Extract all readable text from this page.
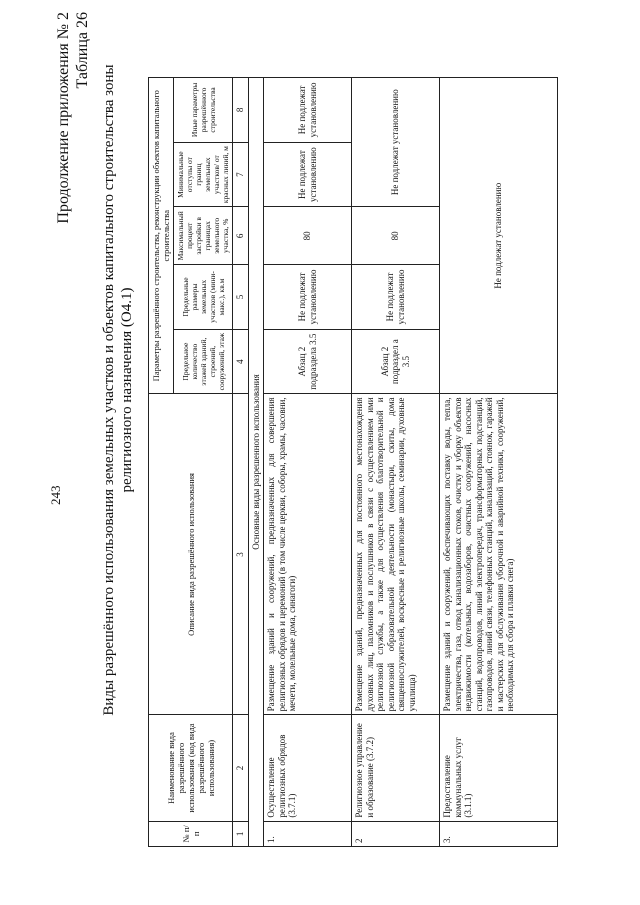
243
Продолжение приложения № 2 Таблица 26
Виды разрешённого использования земельных участков и объектов капитального строительства зоны религиозного назначения (О4.1)
№ п/п	Наименование вида разрешённого использования (код вида разрешённого использования)	Описание вида разрешённого использования	Параметры разрешённого строительства, реконструкции объектов капитального строительства				
			Предельное количество этажей зданий, строений, сооружений, этаж	Предельные размеры земельных участков (мини-макс.), кв.м	Максимальный процент застройки в границах земельного участка, %	Минимальные отступы от границ земельных участков/ от красных линий, м	Иные параметры разрешённого строительства
1	2	3	4	5	6	7	8
Основные виды разрешенного использования							
1.	Осуществление религиозных обрядов (3.7.1)	Размещение зданий и сооружений, предназначенных для совершения религиозных обрядов и церемоний (в том числе церкви, соборы, храмы, часовни, мечети, молельные дома, синагоги)	Абзац 2 подраздела 3.5	Не подлежат установлению	80	Не подлежат установлению	Не подлежат установлению
2	Религиозное управление и образование (3.7.2)	Размещение зданий, предназначенных для постоянного местонахождения духовных лиц, паломников и послушников в связи с осуществлением ими религиозной службы, а также для осуществления благотворительной и религиозной образовательной деятельности (монастыри, скиты, дома священнослужителей, воскресные и религиозные школы, семинарии, духовные училища)	Абзац 2 подраздел а 3.5	Не подлежат установлению	80	Не подлежат установлению	
3.	Предоставление коммунальных услуг (3.1.1)	Размещение зданий и сооружений, обеспечивающих поставку воды, тепла, электричества, газа, отвод канализационных стоков, очистку и уборку объектов недвижимости (котельных, водозаборов, очистных сооружений, насосных станций, водопроводов, линий электропередач, трансформаторных подстанций, газопроводов, линий связи, телефонных станций, канализаций, стоянок, гаражей и мастерских для обслуживания уборочной и аварийной техники, сооружений, необходимых для сбора и плавки снега)	Не подлежат установлению				
